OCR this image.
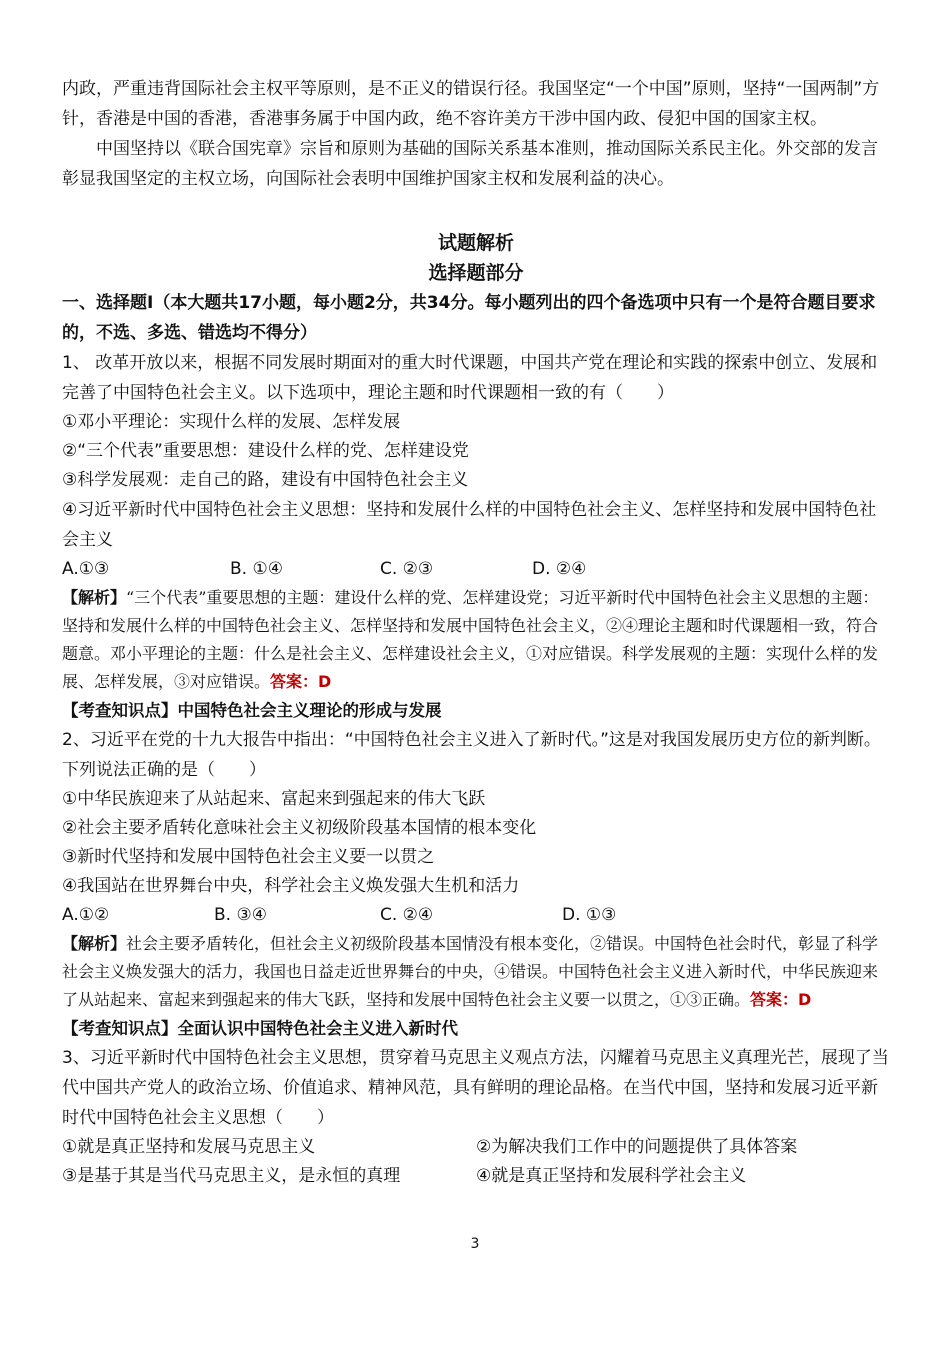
内政，严重违背国际社会主权平等原则，是不正义的错误行径。我国坚定“一个中国”原则，坚持“一国两制”方针，香港是中国的香港，香港事务属于中国内政，绝不容许美方干涉中国内政、侵犯中国的国家主权。

中国坚持以《联合国宪章》宗旨和原则为基础的国际关系基本准则，推动国际关系民主化。外交部的发言彰显我国坚定的主权立场，向国际社会表明中国维护国家主权和发展利益的决心。

试题解析

选择题部分

一、选择题Ⅰ（本大题共17小题，每小题2分，共34分。每小题列出的四个备选项中只有一个是符合题目要求的，不选、多选、错选均不得分）

1、 改革开放以来，根据不同发展时期面对的重大时代课题，中国共产党在理论和实践的探索中创立、发展和完善了中国特色社会主义。以下选项中，理论主题和时代课题相一致的有（　　）

①邓小平理论：实现什么样的发展、怎样发展

②“三个代表”重要思想：建设什么样的党、怎样建设党

③科学发展观：走自己的路，建设有中国特色社会主义

④习近平新时代中国特色社会主义思想：坚持和发展什么样的中国特色社会主义、怎样坚持和发展中国特色社会主义

A.①③	B. ①④	C. ②③	D. ②④

【解析】“三个代表”重要思想的主题：建设什么样的党、怎样建设党；习近平新时代中国特色社会主义思想的主题：坚持和发展什么样的中国特色社会主义、怎样坚持和发展中国特色社会主义，②④理论主题和时代课题相一致，符合题意。邓小平理论的主题：什么是社会主义、怎样建设社会主义，①对应错误。科学发展观的主题：实现什么样的发展、怎样发展，③对应错误。答案：D

【考查知识点】中国特色社会主义理论的形成与发展

2、习近平在党的十九大报告中指出：“中国特色社会主义进入了新时代。”这是对我国发展历史方位的新判断。下列说法正确的是（　　）

①中华民族迎来了从站起来、富起来到强起来的伟大飞跃

②社会主要矛盾转化意味社会主义初级阶段基本国情的根本变化

③新时代坚持和发展中国特色社会主义要一以贯之

④我国站在世界舞台中央，科学社会主义焕发强大生机和活力

A.①②	B. ③④	C. ②④	D. ①③

【解析】社会主要矛盾转化，但社会主义初级阶段基本国情没有根本变化，②错误。中国特色社会时代，彰显了科学社会主义焕发强大的活力，我国也日益走近世界舞台的中央，④错误。中国特色社会主义进入新时代，中华民族迎来了从站起来、富起来到强起来的伟大飞跃，坚持和发展中国特色社会主义要一以贯之，①③正确。答案：D

【考查知识点】全面认识中国特色社会主义进入新时代

3、习近平新时代中国特色社会主义思想，贯穿着马克思主义观点方法，闪耀着马克思主义真理光芒，展现了当代中国共产党人的政治立场、价值追求、精神风范，具有鲜明的理论品格。在当代中国，坚持和发展习近平新时代中国特色社会主义思想（　　）

①就是真正坚持和发展马克思主义	②为解决我们工作中的问题提供了具体答案
③是基于其是当代马克思主义，是永恒的真理	④就是真正坚持和发展科学社会主义
3
